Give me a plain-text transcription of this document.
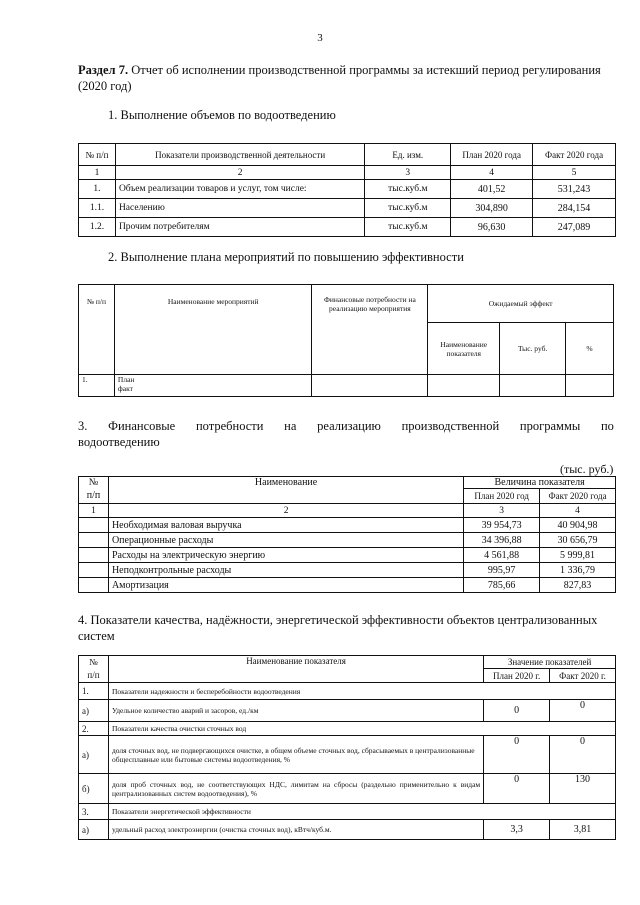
3
Раздел 7. Отчет об исполнении производственной программы за истекший период регулирования (2020 год)
1. Выполнение объемов по водоотведению
№ п/п	Показатели производственной деятельности	Ед. изм.	План 2020 года	Факт 2020 года
1	2	3	4	5
1.	Объем реализации товаров и услуг, том числе:	тыс.куб.м	401,52	531,243
1.1.	Населению	тыс.куб.м	304,890	284,154
1.2.	Прочим потребителям	тыс.куб.м	96,630	247,089
2. Выполнение плана мероприятий по повышению эффективности
№ п/п	Наименование мероприятий	Финансовые потребности на реализацию мероприятия	Ожидаемый эффект		
			Наименование показателя	Тыс. руб.	%
1.	План
факт				

3. Финансовые потребности на реализацию производственной программы по
водоотведению
(тыс. руб.)
№	Наименование	Величина показателя	
п/п		План 2020 год	Факт 2020 года
1	2	3	4
	Необходимая валовая выручка	39 954,73	40 904,98
	Операционные расходы	34 396,88	30 656,79
	Расходы на электрическую энергию	4 561,88	5 999,81
	Неподконтрольные расходы	995,97	1 336,79
	Амортизация	785,66	827,83
4. Показатели качества, надёжности, энергетической эффективности объектов централизованных систем
№	Наименование показателя	Значение показателей	
п/п		План 2020 г.	Факт 2020 г.
1.	Показатели надежности и бесперебойности водоотведения		
а)	Удельное количество аварий и засоров, ед./км	0	0
2.	Показатели качества очистки сточных вод		
а)	доля сточных вод, не подвергающихся очистке, в общем объеме сточных вод, сбрасываемых в централизованные общесплавные или бытовые системы водоотведения, %	0	0
б)	доля проб сточных вод, не соответствующих НДС, лимитам на сбросы (раздельно применительно к видам централизованных систем водоотведения), %	0	130
3.	Показатели энергетической эффективности		
а)	удельный расход электроэнергии (очистка сточных вод), кВтч/куб.м.	3,3	3,81
